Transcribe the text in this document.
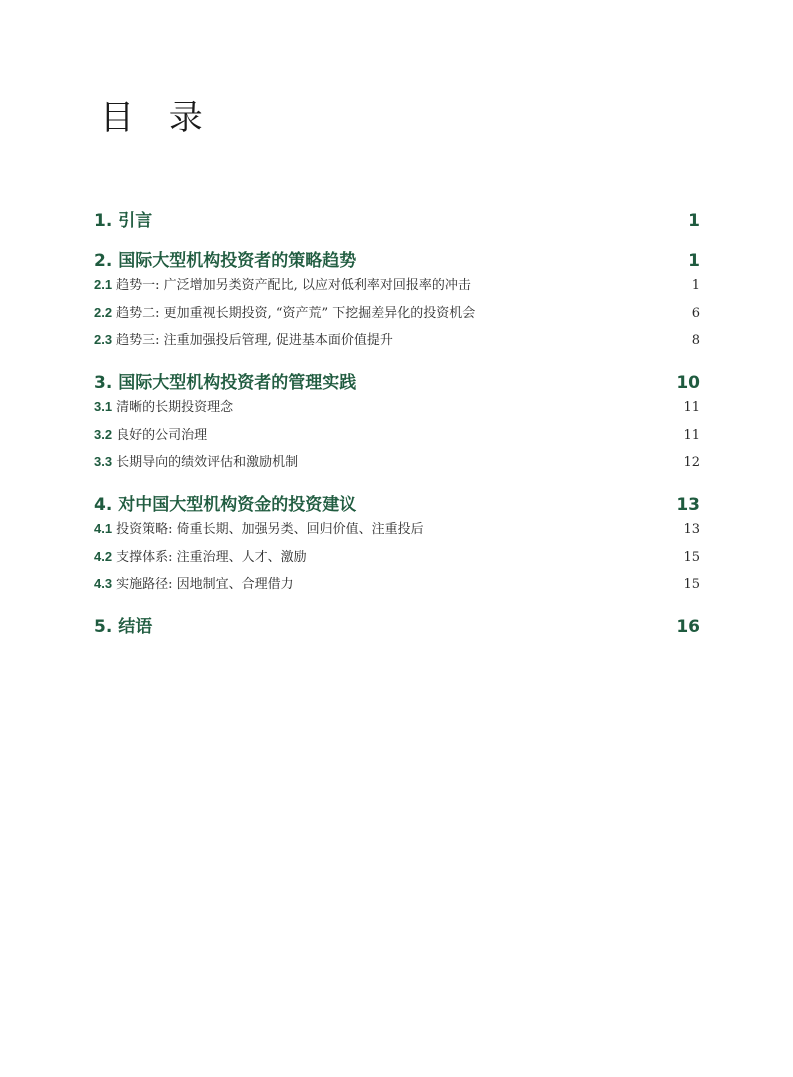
目 录
1. 引言	1
2. 国际大型机构投资者的策略趋势	1
2.1 趋势一: 广泛增加另类资产配比, 以应对低利率对回报率的冲击	1
2.2 趋势二: 更加重视长期投资, “资产荒” 下挖掘差异化的投资机会	6
2.3 趋势三: 注重加强投后管理, 促进基本面价值提升	8
3. 国际大型机构投资者的管理实践	10
3.1 清晰的长期投资理念	11
3.2 良好的公司治理	11
3.3 长期导向的绩效评估和激励机制	12
4. 对中国大型机构资金的投资建议	13
4.1 投资策略: 倚重长期、加强另类、回归价值、注重投后	13
4.2 支撑体系: 注重治理、人才、激励	15
4.3 实施路径: 因地制宜、合理借力	15
5. 结语	16
